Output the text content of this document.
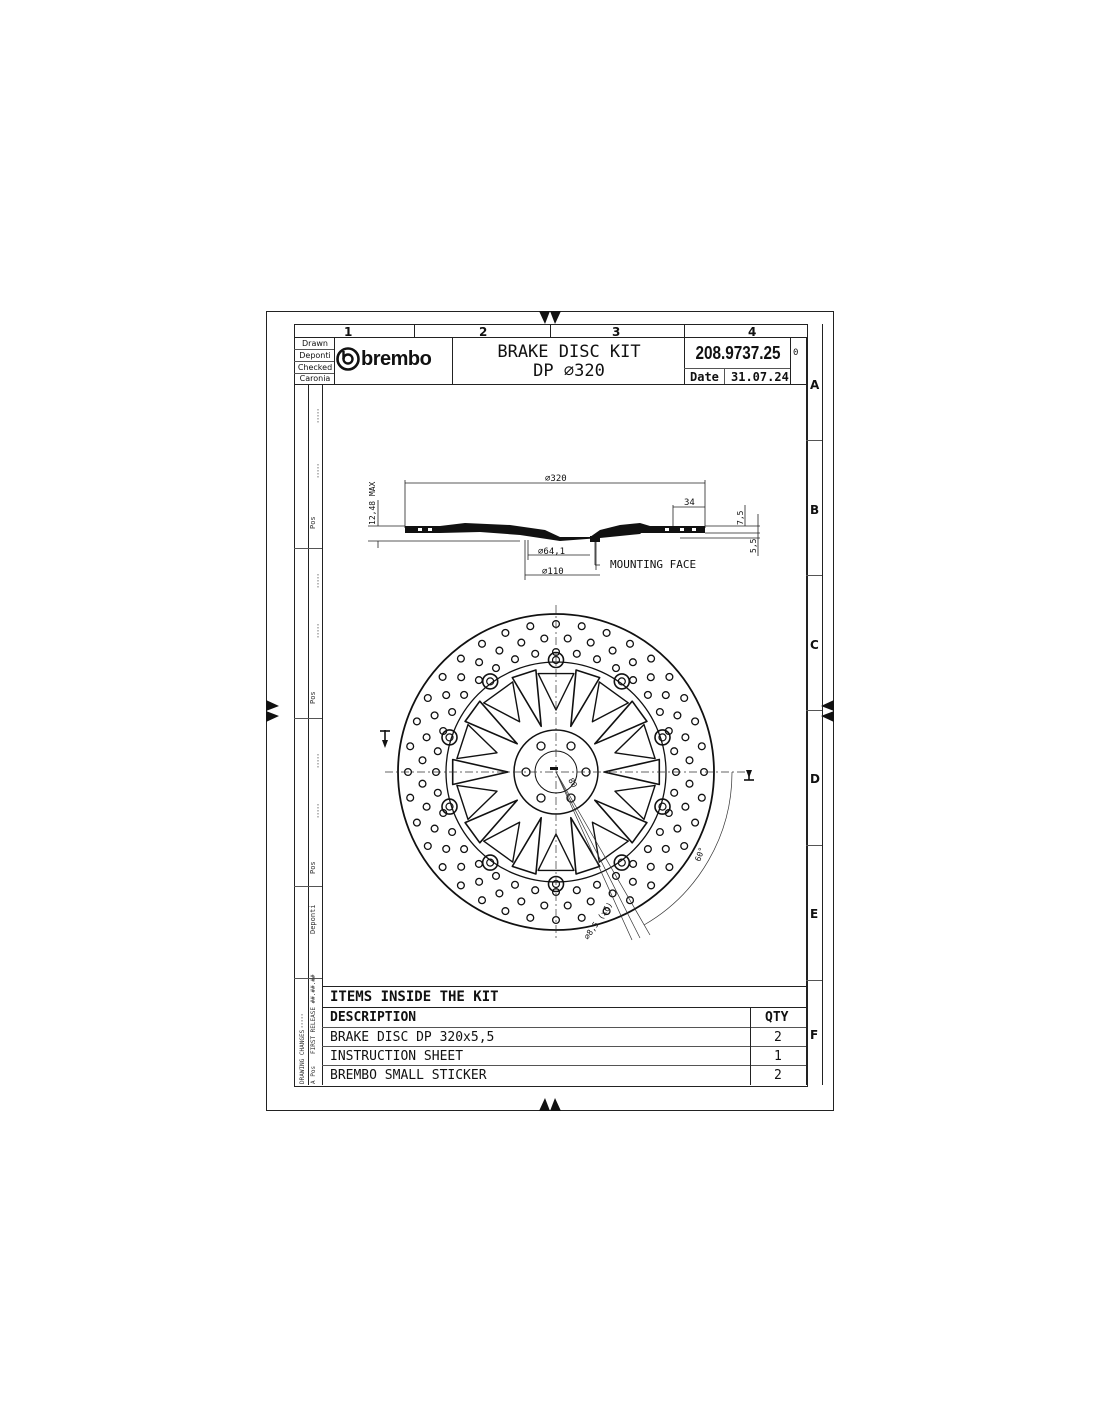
1	2	3	4
A
B
C
D
E
F
Drawn
Deponti
Checked
Caronia
brembo	BRAKE DISC KIT
DP ⌀320
208.9737.25 0
Date 31.07.24
Pos
Pos
Pos
Deponti
FIRST RELEASE ##.##.##
DRAWING CHANGES A Pos
⌀320
34
12,48 MAX	7,5
5,5
⌀64,1
⌀110
MOUNTING FACE
80
60°
⌀8,5 (x6)
ITEMS INSIDE THE KIT
DESCRIPTION	QTY
BRAKE DISC DP 320x5,5	2
INSTRUCTION SHEET	1
BREMBO SMALL STICKER	2
